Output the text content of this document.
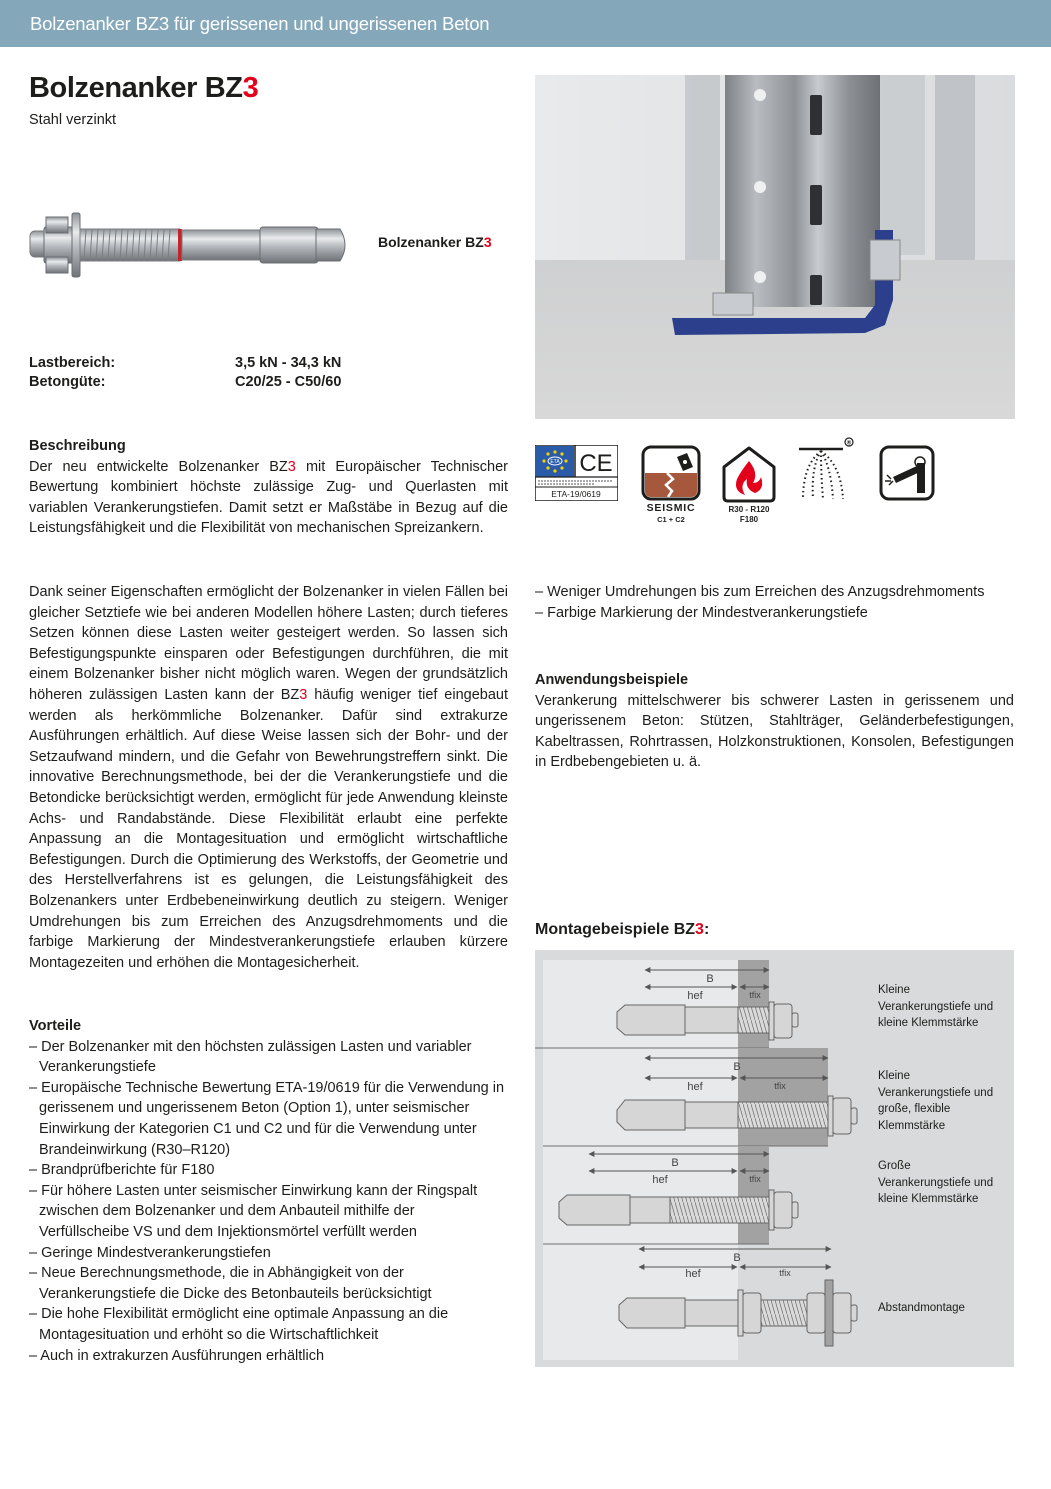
Bolzenanker BZ3 für gerissenen und ungerissenen Beton
Bolzenanker BZ3
Stahl verzinkt
Bolzenanker BZ3
Lastbereich:	3,5 kN - 34,3 kN
Betongüte:	C20/25 - C50/60
ETA CE
ETA-19/0619
SEISMIC
C1 + C2
R30 - R120
F180
®

Beschreibung

Der neu entwickelte Bolzenanker BZ3 mit Europäischer Technischer Bewertung kombiniert höchste zulässige Zug- und Querlasten mit variablen Verankerungstiefen. Damit setzt er Maßstäbe in Bezug auf die Leistungsfähigkeit und die Flexibilität von mechanischen Spreizankern.

Dank seiner Eigenschaften ermöglicht der Bolzenanker in vielen Fällen bei gleicher Setztiefe wie bei anderen Modellen höhere Lasten; durch tieferes Setzen können diese Lasten weiter gesteigert werden. So lassen sich Befestigungspunkte einsparen oder Befestigungen durchführen, die mit einem Bolzenanker bisher nicht möglich waren. Wegen der grundsätzlich höheren zulässigen Lasten kann der BZ3 häufig weniger tief eingebaut werden als herkömmliche Bolzenanker. Dafür sind extrakurze Ausführungen erhältlich. Auf diese Weise lassen sich der Bohr- und der Setzaufwand mindern, und die Gefahr von Bewehrungstreffern sinkt. Die innovative Berechnungsmethode, bei der die Verankerungstiefe und die Betondicke berücksichtigt werden, ermöglicht für jede Anwendung kleinste Achs- und Randabstände. Diese Flexibilität erlaubt eine perfekte Anpassung an die Montagesituation und ermöglicht wirtschaftliche Befestigungen. Durch die Optimierung des Werkstoffs, der Geometrie und des Herstellverfahrens ist es gelungen, die Leistungsfähigkeit des Bolzenankers unter Erdbebeneinwirkung deutlich zu steigern. Weniger Umdrehungen bis zum Erreichen des Anzugsdrehmoments und die farbige Markierung der Mindestverankerungstiefe erlauben kürzere Montagezeiten und erhöhen die Montagesicherheit.

Vorteile

– Der Bolzenanker mit den höchsten zulässigen Lasten und variabler Verankerungstiefe

– Europäische Technische Bewertung ETA-19/0619 für die Verwendung in gerissenem und ungerissenem Beton (Option 1), unter seismischer Einwirkung der Kategorien C1 und C2 und für die Verwendung unter Brandeinwirkung (R30–R120)

– Brandprüfberichte für F180

– Für höhere Lasten unter seismischer Einwirkung kann der Ringspalt zwischen dem Bolzenanker und dem Anbauteil mithilfe der Verfüllscheibe VS und dem Injektionsmörtel verfüllt werden

– Geringe Mindestverankerungstiefen

– Neue Berechnungsmethode, die in Abhängigkeit von der Verankerungstiefe die Dicke des Betonbauteils berücksichtigt

– Die hohe Flexibilität ermöglicht eine optimale Anpassung an die Montagesituation und erhöht so die Wirtschaftlichkeit

– Auch in extrakurzen Ausführungen erhältlich

– Weniger Umdrehungen bis zum Erreichen des Anzugsdrehmoments

– Farbige Markierung der Mindestverankerungstiefe

Anwendungsbeispiele

Verankerung mittelschwerer bis schwerer Lasten in gerissenem und ungerissenem Beton: Stützen, Stahlträger, Geländerbefestigungen, Kabeltrassen, Rohrtrassen, Holzkonstruktionen, Konsolen, Befestigungen in Erdbebengebieten u. ä.

Montagebeispiele BZ3:
B
hef	tfix
B
hef	tfix
B
hef	tfix
B
hef	tfix
Kleine Verankerungstiefe und kleine Klemmstärke
Kleine Verankerungstiefe und große, flexible Klemmstärke
Große Verankerungstiefe und kleine Klemmstärke
Abstandmontage
